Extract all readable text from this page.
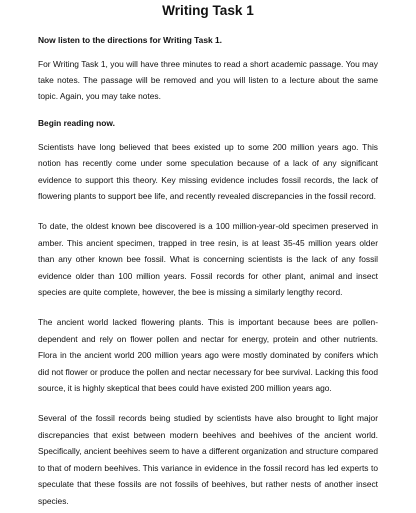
Writing Task 1
Now listen to the directions for Writing Task 1.
For Writing Task 1, you will have three minutes to read a short academic passage. You may take notes. The passage will be removed and you will listen to a lecture about the same topic. Again, you may take notes.
Begin reading now.
Scientists have long believed that bees existed up to some 200 million years ago. This notion has recently come under some speculation because of a lack of any significant evidence to support this theory. Key missing evidence includes fossil records, the lack of flowering plants to support bee life, and recently revealed discrepancies in the fossil record.
To date, the oldest known bee discovered is a 100 million-year-old specimen preserved in amber. This ancient specimen, trapped in tree resin, is at least 35-45 million years older than any other known bee fossil. What is concerning scientists is the lack of any fossil evidence older than 100 million years. Fossil records for other plant, animal and insect species are quite complete, however, the bee is missing a similarly lengthy record.
The ancient world lacked flowering plants. This is important because bees are pollen-dependent and rely on flower pollen and nectar for energy, protein and other nutrients. Flora in the ancient world 200 million years ago were mostly dominated by conifers which did not flower or produce the pollen and nectar necessary for bee survival. Lacking this food source, it is highly skeptical that bees could have existed 200 million years ago.
Several of the fossil records being studied by scientists have also brought to light major discrepancies that exist between modern beehives and beehives of the ancient world. Specifically, ancient beehives seem to have a different organization and structure compared to that of modern beehives. This variance in evidence in the fossil record has led experts to speculate that these fossils are not fossils of beehives, but rather nests of another insect species.
